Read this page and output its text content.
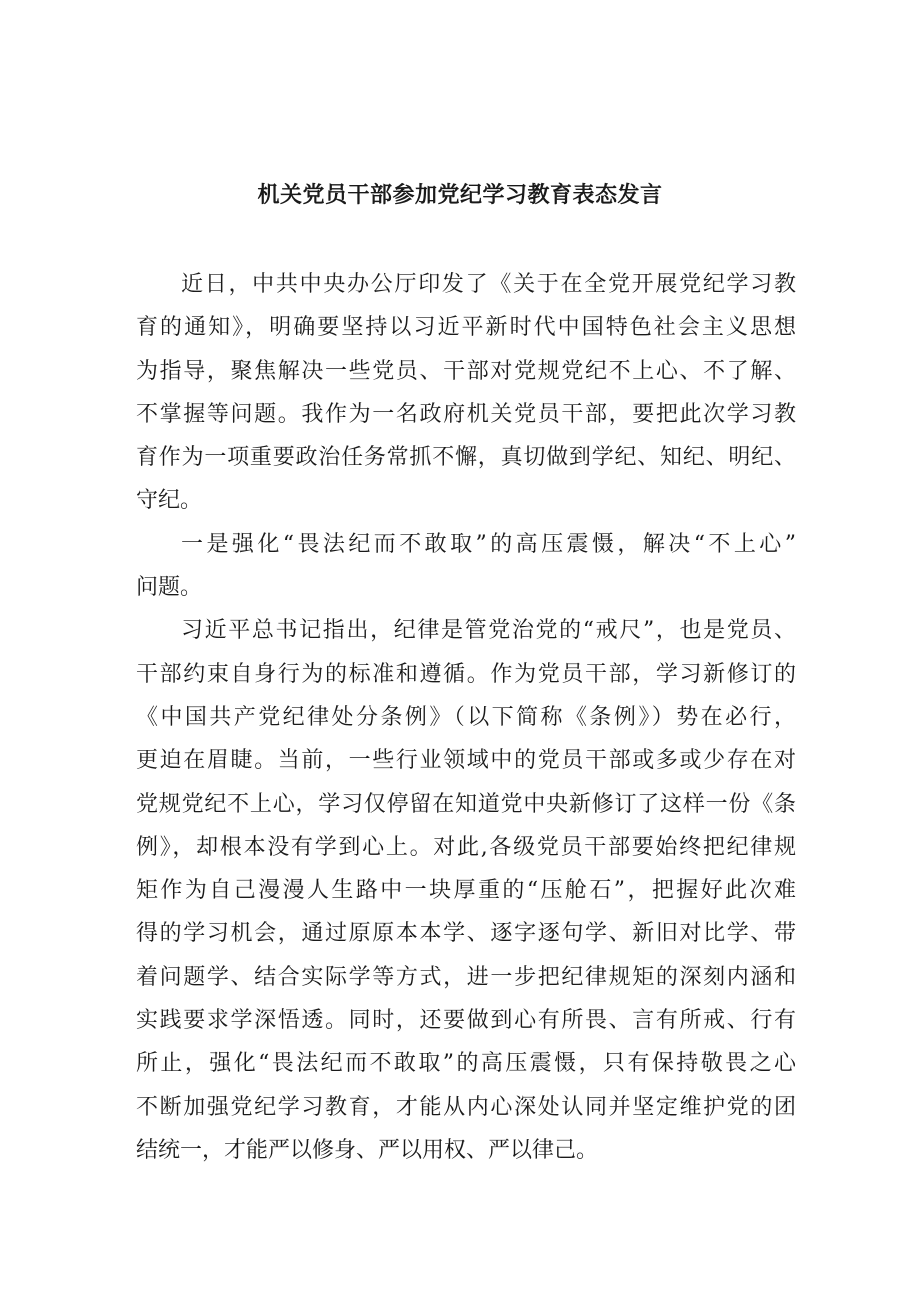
机关党员干部参加党纪学习教育表态发言
近日，中共中央办公厅印发了《关于在全党开展党纪学习教
育的通知》，明确要坚持以习近平新时代中国特色社会主义思想
为指导，聚焦解决一些党员、干部对党规党纪不上心、不了解、
不掌握等问题。我作为一名政府机关党员干部，要把此次学习教
育作为一项重要政治任务常抓不懈，真切做到学纪、知纪、明纪、
守纪。
一是强化“畏法纪而不敢取”的高压震慑，解决“不上心”
问题。
习近平总书记指出，纪律是管党治党的“戒尺”，也是党员、
干部约束自身行为的标准和遵循。作为党员干部，学习新修订的
《中国共产党纪律处分条例》（以下简称《条例》）势在必行，
更迫在眉睫。当前，一些行业领域中的党员干部或多或少存在对
党规党纪不上心，学习仅停留在知道党中央新修订了这样一份《条
例》，却根本没有学到心上。对此,各级党员干部要始终把纪律规
矩作为自己漫漫人生路中一块厚重的“压舱石”，把握好此次难
得的学习机会，通过原原本本学、逐字逐句学、新旧对比学、带
着问题学、结合实际学等方式，进一步把纪律规矩的深刻内涵和
实践要求学深悟透。同时，还要做到心有所畏、言有所戒、行有
所止，强化“畏法纪而不敢取”的高压震慑，只有保持敬畏之心
不断加强党纪学习教育，才能从内心深处认同并坚定维护党的团
结统一，才能严以修身、严以用权、严以律己。
